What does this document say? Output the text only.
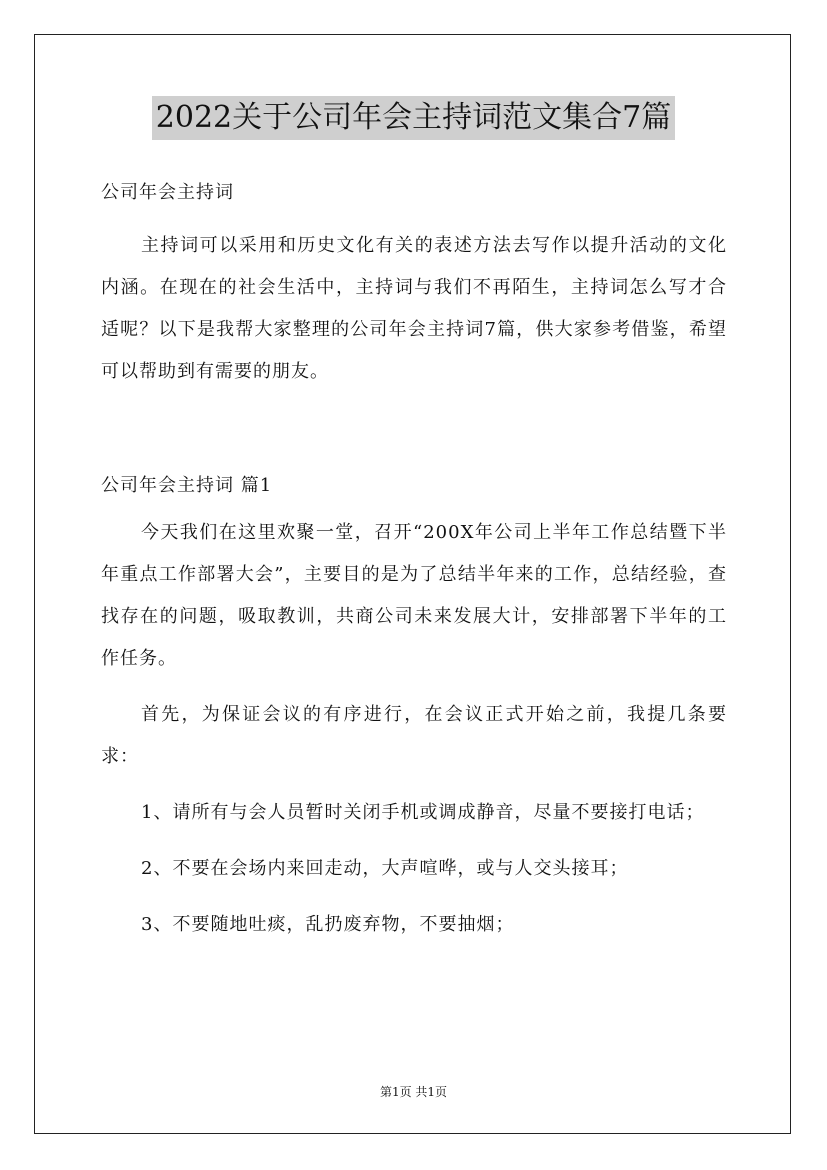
2022关于公司年会主持词范文集合7篇

公司年会主持词

主持词可以采用和历史文化有关的表述方法去写作以提升活动的文化内涵。在现在的社会生活中，主持词与我们不再陌生，主持词怎么写才合适呢？以下是我帮大家整理的公司年会主持词7篇，供大家参考借鉴，希望可以帮助到有需要的朋友。

公司年会主持词 篇1

今天我们在这里欢聚一堂，召开“200X年公司上半年工作总结暨下半年重点工作部署大会”，主要目的是为了总结半年来的工作，总结经验，查找存在的问题，吸取教训，共商公司未来发展大计，安排部署下半年的工作任务。

首先，为保证会议的有序进行，在会议正式开始之前，我提几条要求：

1、请所有与会人员暂时关闭手机或调成静音，尽量不要接打电话；

2、不要在会场内来回走动，大声喧哗，或与人交头接耳；

3、不要随地吐痰，乱扔废弃物，不要抽烟；

第1页 共1页
